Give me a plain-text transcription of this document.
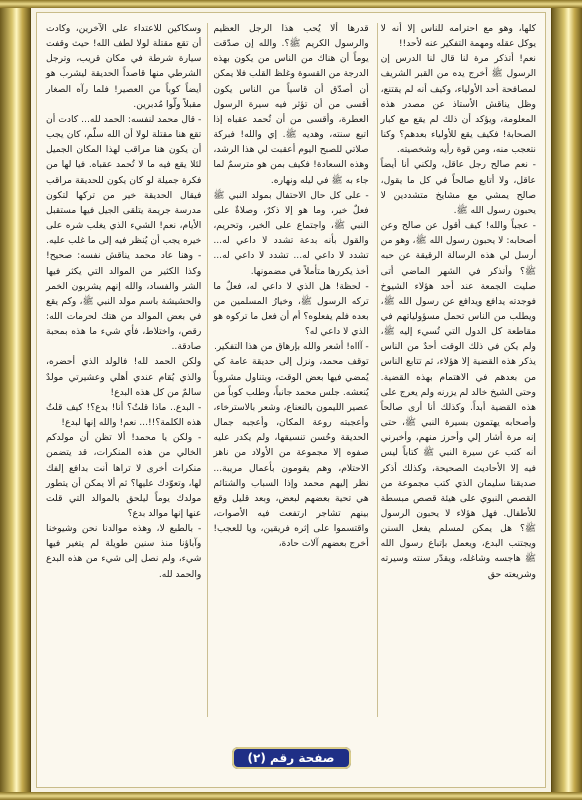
كلها، وهو مع احترامه للناس إلا أنه لا يوكل عقله ومهمة التفكير عنه لأحد!!

نعم! أتذكر مرة لنا قال لنا الدرس إن الرسول ﷺ أخرج يده من القبر الشريف لمصافحة أحد الأولياء، وكيف أنه لم يقتنع، وظل يناقش الأستاذ عن مصدر هذه المعلومة، ويؤكد أن ذلك لم يقع مع كبار الصحابة! فكيف يقع للأولياء بعدهم؟ وكنا نتعجب منه، ومن قوة رأيه وشخصيته.

- نعم صالح رجل عاقل، ولكني أنا أيضاً عاقل، ولا أتابع صالحاً في كل ما يقول، صالح يمشي مع مشايخ متشددين لا يحبون رسول الله ﷺ.

- عجباً والله! كيف أقول عن صالح وعن أصحابه: لا يحبون رسول الله ﷺ، وهو من أرسل لي هذه الرسالة الرقيقة عن حبه ﷺ؟ وأتذكر في الشهر الماضي أتى صليت الجمعة عند أحد هؤلاء الشيوخ فوجدته يدافع ويدافع عن رسول الله ﷺ، ويطلب من الناس تحمل مسؤولياتهم في مقاطعة كل الدول التي تُسيء إليه ﷺ، ولم يكن في ذلك الوقت أحدٌ من الناس يذكر هذه القضية إلا هؤلاء، ثم تتابع الناس من بعدهم في الاهتمام بهذه القضية. وحتى الشيخ خالد لم يزرنه ولم يعرج على هذه القضية أبداً. وكذلك أنا أرى صالحاً وأصحابه يهتمون بسيرة النبي ﷺ، حتى إنه مرة أشار إلي وأحرز منهم، وأخبرني أنه كتب عن سيرة النبي ﷺ كتاباً ليس فيه إلا الأحاديث الصحيحة، وكذلك أذكر صديقنا سليمان الذي كتب مجموعة من القصص النبوي على هيئة قصص مبسطة للأطفال. فهل هؤلاء لا يحبون الرسول ﷺ؟ هل يمكن لمسلم يفعل السنن ويجتنب البدع، ويعمل بإتباع رسول الله ﷺ هاجسه وشاغله، ويقدّر سنته وسيرته وشريعته حق

قدرها ألا يُحب هذا الرجل العظيم والرسول الكريم ﷺ؟. والله إن صدّقت يوماً أن هناك من الناس من يكون بهذه الدرجة من القسوة وغلظ القلب فلا يمكن أن أصدّق أن قاسياً من الناس يكون أقسى من أن تؤثر فيه سيرة الرسول العطرة، وأقسى من أن تُحمد عقباه إذا اتبع سنته، وهديه ﷺ. إي والله! فبركة صلاتي للصبح اليوم أعقبت لي هذا الرشد، وهذه السعادة! فكيف بمن هو مترسمٌ لما جاء به ﷺ في ليله ونهاره.

- على كل حال الاحتفال بمولد النبي ﷺ فعلٌ خير، وما هو إلا ذكرٌ، وصلاةٌ على النبي ﷺ، واجتماع على الخير، وتحريم، والقول بأنه بدعة تشدد لا داعي له... تشدد لا داعي له... تشدد لا داعي له... أخذ يكررها متأملاً في مضمونها.

- لحظة! هل الذي لا داعي له، فعلٌ ما تركه الرسول ﷺ، وخيارُ المسلمين من بعده فلم يفعلوه؟ أم أن فعل ما تركوه هو الذي لا داعي له؟

- آااه! أشعر والله بإرهاق من هذا التفكير.

توقف محمد، ونزل إلى حديقة عامة كي يُمضي فيها بعض الوقت، ويتناول مشروباً يُنعشه. جلس محمد جانباً، وطلب كوباً من عصير الليمون بالنعناع، وشعر بالاسترخاء، وأعجبته روعة المكان، وأعجبه جمال الحديقة وحُسن تنسيقها، ولم يكدر عليه صفوه إلا مجموعة من الأولاد من ناهز الاحتلام، وهم يقومون بأعمال مريبة... نظر إليهم محمد وإذا السباب والشتائم هي تحية بعضهم لبعض، وبعد قليل وقع بينهم تشاجر ارتفعت فيه الأصوات، واقتسموا على إثره فريقين، ويا للعجب! أخرج بعضهم آلات حادة،

وسكاكين للاعتداء على الآخرين، وكادت أن تقع مقتلة لولا لطف الله! حيث وقفت سيارة شرطة في مكان قريب، وترجل الشرطي منها قاصداً الحديقة ليشرب هو أيضاً كوباً من العصير! فلما رآه الصغار مقبلاً ولّوا مُدبرين.

- قال محمد لنفسه: الحمد لله... كادت أن تقع هنا مقتلة لولا أن الله سلّم، كان يجب أن يكون هنا مراقب لهذا المكان الجميل لئلا يقع فيه ما لا تُحمد عقباه. فيا لها من فكرة جميلة لو كان يكون للحديقة مراقب فيقال الحديقة خير من تركها لتكون مدرسة جريمة يتلقى الجيل فيها مستقبل الأيام، نعم! الشيء الذي يغلب شره على خيره يجب أن يُنظر فيه إلى ما غلب عليه.

- وهنا عاد محمد يناقش نفسه: صحيح! وكذا الكثير من الموالد التي يكثر فيها الشر والفساد، والله إنهم يشربون الخمر والحشيشة باسم مولد النبي ﷺ، وكم يقع في بعض الموالد من هتك لحرمات الله: رقص، واختلاط، فأي شيء ما هذه بمحبة صادقة..

ولكن الحمد لله! فالولد الذي أحضره، والذي يُقام عندي أهلي وعشيرتي مولدٌ سالمٌ من كل هذه البدع!

- البدع.. ماذا قلتُ؟ أنا! بدع؟! كيف قلتُ هذه الكلمة؟!!... نعم! والله إنها لبدع!

- ولكن يا محمد! ألا تظن أن مولدكم الخالي من هذه المنكرات، قد يتضمن منكرات أخرى لا تراها أنت بدافع إلفك لها، وتعوّدك عليها؟ ثم ألا يمكن أن يتطور مولدك يوماً ليلحق بالموالد التي قلت عنها إنها موالد بدع؟

- بالطبع لا، وهذه موالدنا نحن وشيوخنا وآباؤنا منذ سنين طويلة لم يتغير فيها شيء، ولم نصل إلى شيء من هذه البدع والحمد لله.

صفحة رقم (٢)
